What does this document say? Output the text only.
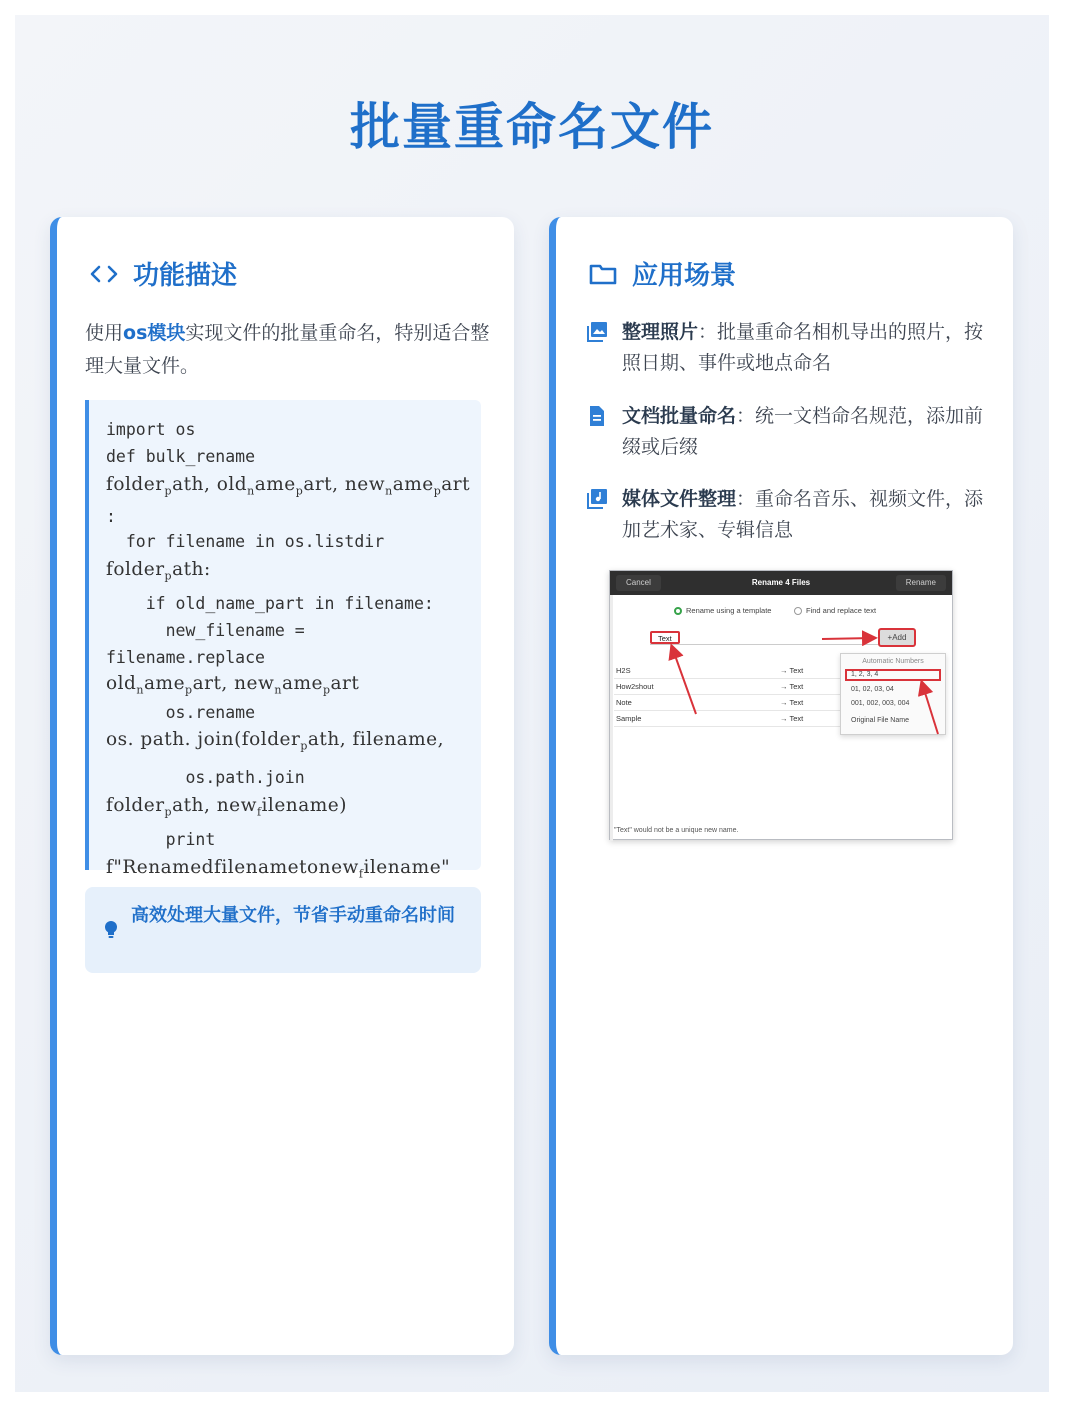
批量重命名文件
功能描述
使用os模块实现文件的批量重命名，特别适合整理大量文件。
import os
def bulk_rename
folder$_p$ath, old$_n$ame$_p$art, new$_n$ame$_p$art
:
for filename in os.listdir
folder$_p$ath:
if old_name_part in filename:
new_filename =
filename.replace
old$_n$ame$_p$art, new$_n$ame$_p$art
os.rename
os. path. join(folder$_p$ath, filename,
os.path.join
folder$_p$ath, new$_f$ilename)
print
f"Renamedfilenametonew$_f$ilename"
高效处理大量文件，节省手动重命名时间
应用场景
整理照片：批量重命名相机导出的照片，按照日期、事件或地点命名
文档批量命名：统一文档命名规范，添加前缀或后缀
媒体文件整理：重命名音乐、视频文件，添加艺术家、专辑信息
Cancel	Rename 4 Files	Rename
Rename using a template	Find and replace text
Text	+Add
H2S	→ Text
How2shout	→ Text
Note	→ Text
Sample	→ Text
Automatic Numbers
1, 2, 3, 4
01, 02, 03, 04
001, 002, 003, 004
Original File Name
"Text" would not be a unique new name.
